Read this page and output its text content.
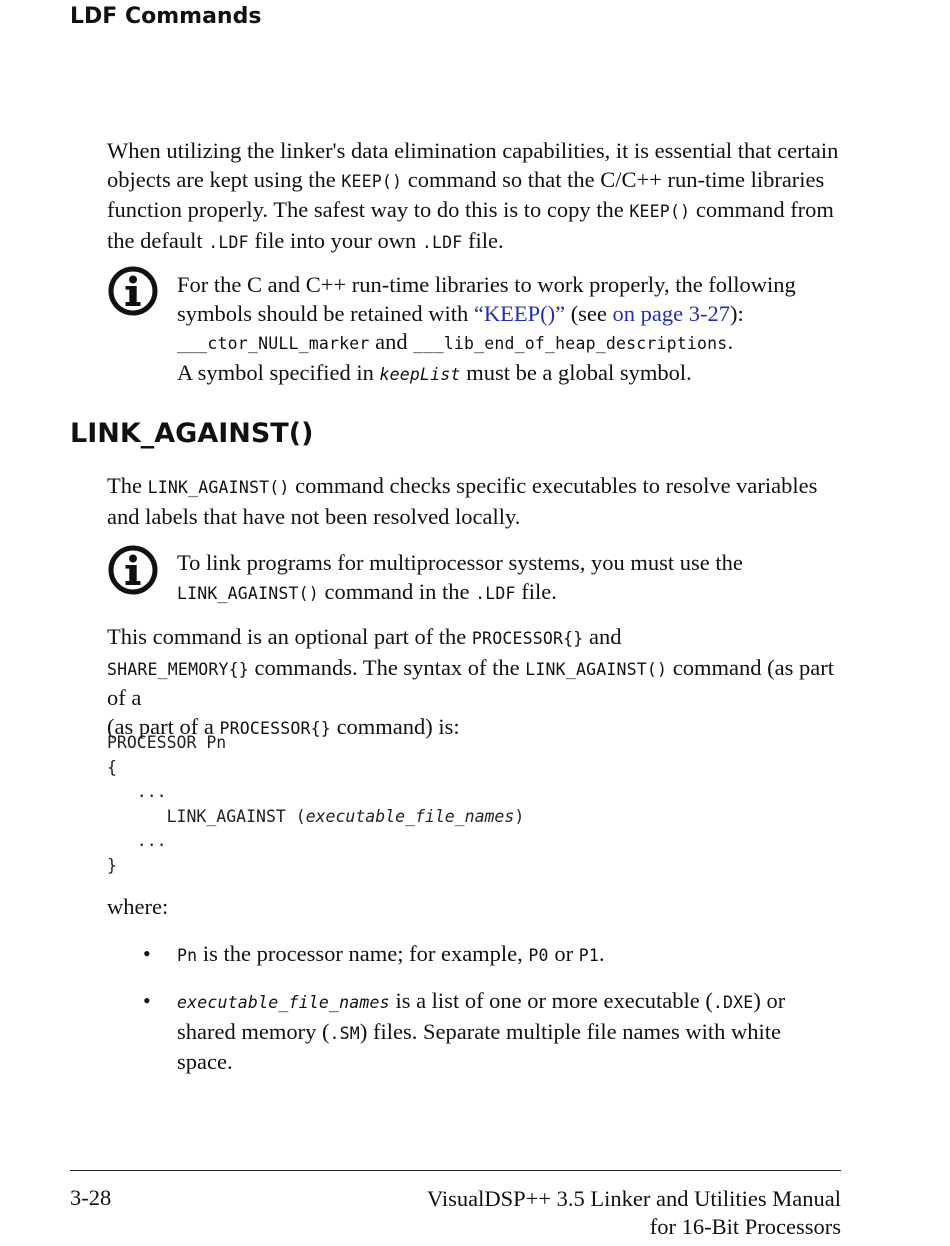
LDF Commands

When utilizing the linker's data elimination capabilities, it is essential that certain objects are kept using the KEEP() command so that the C/C++ run-time libraries function properly. The safest way to do this is to copy the KEEP() command from the default .LDF file into your own .LDF file.

For the C and C++ run-time libraries to work properly, the following symbols should be retained with “KEEP()” (see on page 3-27):
___ctor_NULL_marker and ___lib_end_of_heap_descriptions.
A symbol specified in keepList must be a global symbol.

LINK_AGAINST()

The LINK_AGAINST() command checks specific executables to resolve variables and labels that have not been resolved locally.

To link programs for multiprocessor systems, you must use the LINK_AGAINST() command in the .LDF file.

This command is an optional part of the PROCESSOR{} and
SHARE_MEMORY{} commands. The syntax of the LINK_AGAINST() command (as part of a
(as part of a PROCESSOR{} command) is:

PROCESSOR Pn
{
...
LINK_AGAINST (executable_file_names)
...
}

where:

• Pn is the processor name; for example, P0 or P1.

• executable_file_names is a list of one or more executable (.DXE) or shared memory (.SM) files. Separate multiple file names with white space.

3-28	VisualDSP++ 3.5 Linker and Utilities Manual
for 16-Bit Processors
